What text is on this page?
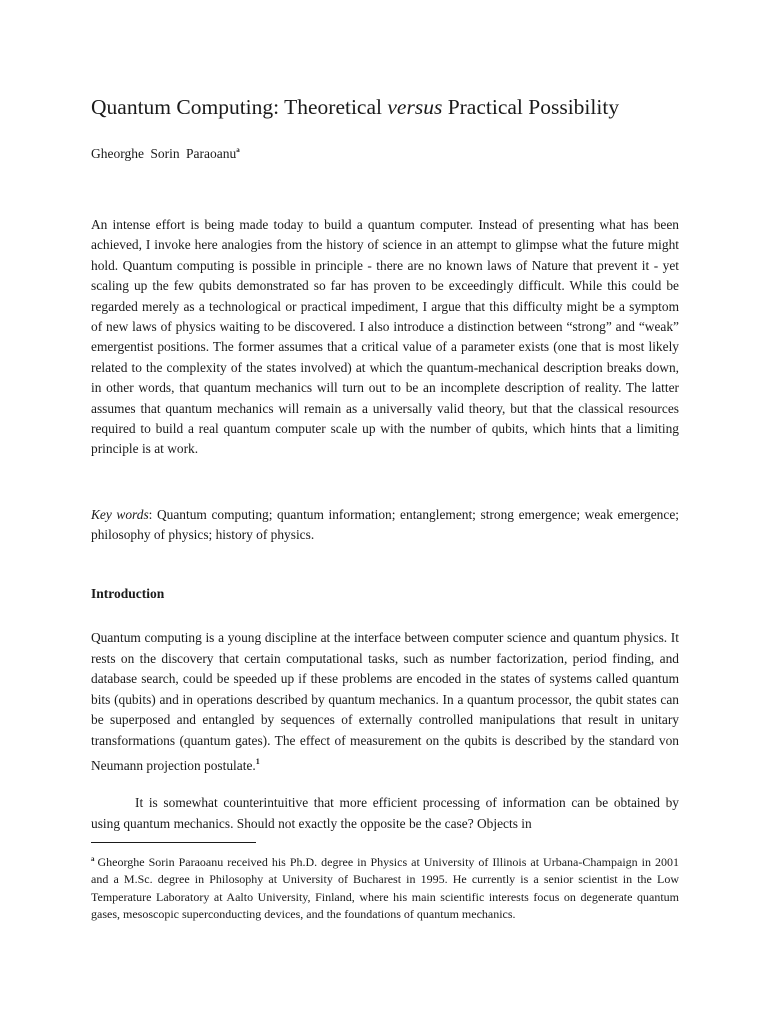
Quantum Computing: Theoretical versus Practical Possibility
Gheorghe Sorin Paraoanu$^a$
An intense effort is being made today to build a quantum computer. Instead of presenting what has been achieved, I invoke here analogies from the history of science in an attempt to glimpse what the future might hold. Quantum computing is possible in principle - there are no known laws of Nature that prevent it - yet scaling up the few qubits demonstrated so far has proven to be exceedingly difficult. While this could be regarded merely as a technological or practical impediment, I argue that this difficulty might be a symptom of new laws of physics waiting to be discovered. I also introduce a distinction between “strong” and “weak” emergentist positions. The former assumes that a critical value of a parameter exists (one that is most likely related to the complexity of the states involved) at which the quantum-mechanical description breaks down, in other words, that quantum mechanics will turn out to be an incomplete description of reality. The latter assumes that quantum mechanics will remain as a universally valid theory, but that the classical resources required to build a real quantum computer scale up with the number of qubits, which hints that a limiting principle is at work.
Key words: Quantum computing; quantum information; entanglement; strong emergence; weak emergence; philosophy of physics; history of physics.
Introduction
Quantum computing is a young discipline at the interface between computer science and quantum physics. It rests on the discovery that certain computational tasks, such as number factorization, period finding, and database search, could be speeded up if these problems are encoded in the states of systems called quantum bits (qubits) and in operations described by quantum mechanics. In a quantum processor, the qubit states can be superposed and entangled by sequences of externally controlled manipulations that result in unitary transformations (quantum gates). The effect of measurement on the qubits is described by the standard von Neumann projection postulate.$^1$
It is somewhat counterintuitive that more efficient processing of information can be obtained by using quantum mechanics. Should not exactly the opposite be the case? Objects in
$^a$ Gheorghe Sorin Paraoanu received his Ph.D. degree in Physics at University of Illinois at Urbana-Champaign in 2001 and a M.Sc. degree in Philosophy at University of Bucharest in 1995. He currently is a senior scientist in the Low Temperature Laboratory at Aalto University, Finland, where his main scientific interests focus on degenerate quantum gases, mesoscopic superconducting devices, and the foundations of quantum mechanics.
